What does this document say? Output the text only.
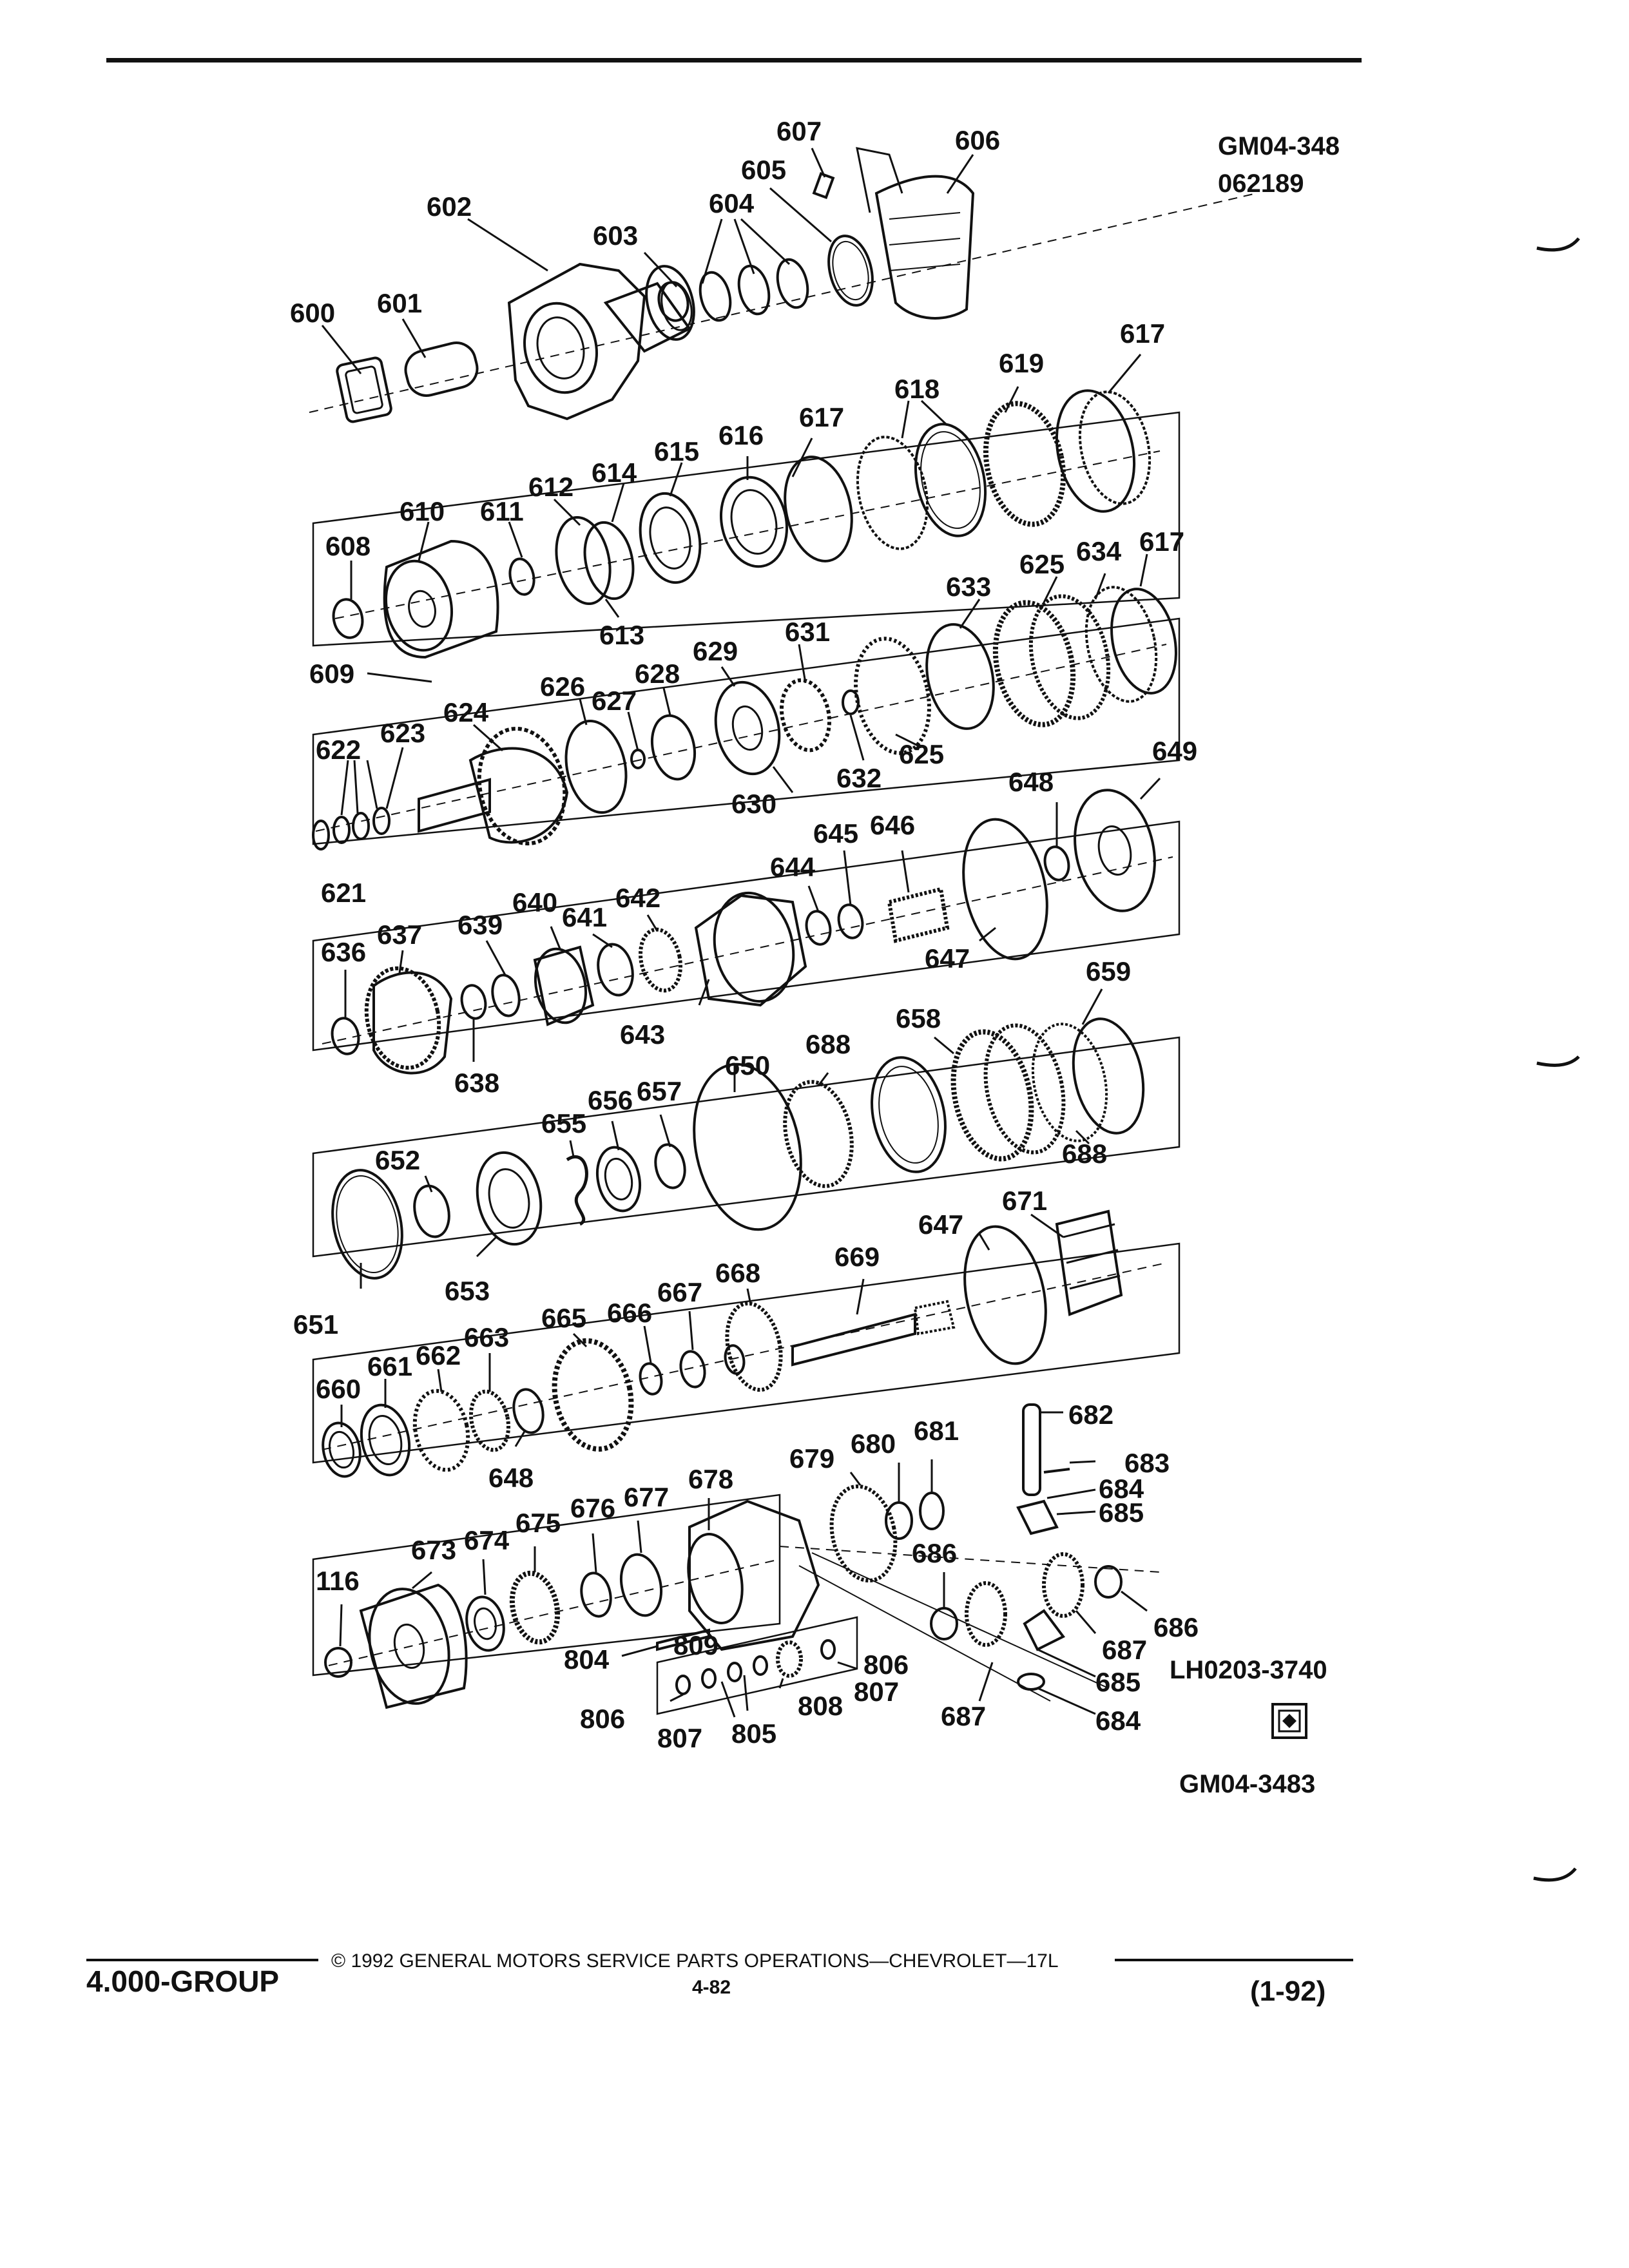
GM04-348
062189
600 601
602
603
604
605
606
607
608
609
610 611
612
613
614
615
616
617
618
619
617
617
621
622
623
624
626 627
628
629
630
631
632
625
625
633
634
636
637
638
639
640 641
642
643
644
645 646
647
648
649
650
651
652
653
655
656 657
658
659
688
688
660
661 662
663
648
665 666
667
668
669
647
671
116
673 674
675 676 677
678
679 680 681
682
683
684
685
686
686
687
687
685
684
804
805
806
806
807
807
808
809
LH0203-3740
GM04-3483
4.000-GROUP
© 1992 GENERAL MOTORS SERVICE PARTS OPERATIONS—CHEVROLET—17L
4-82	(1-92)
